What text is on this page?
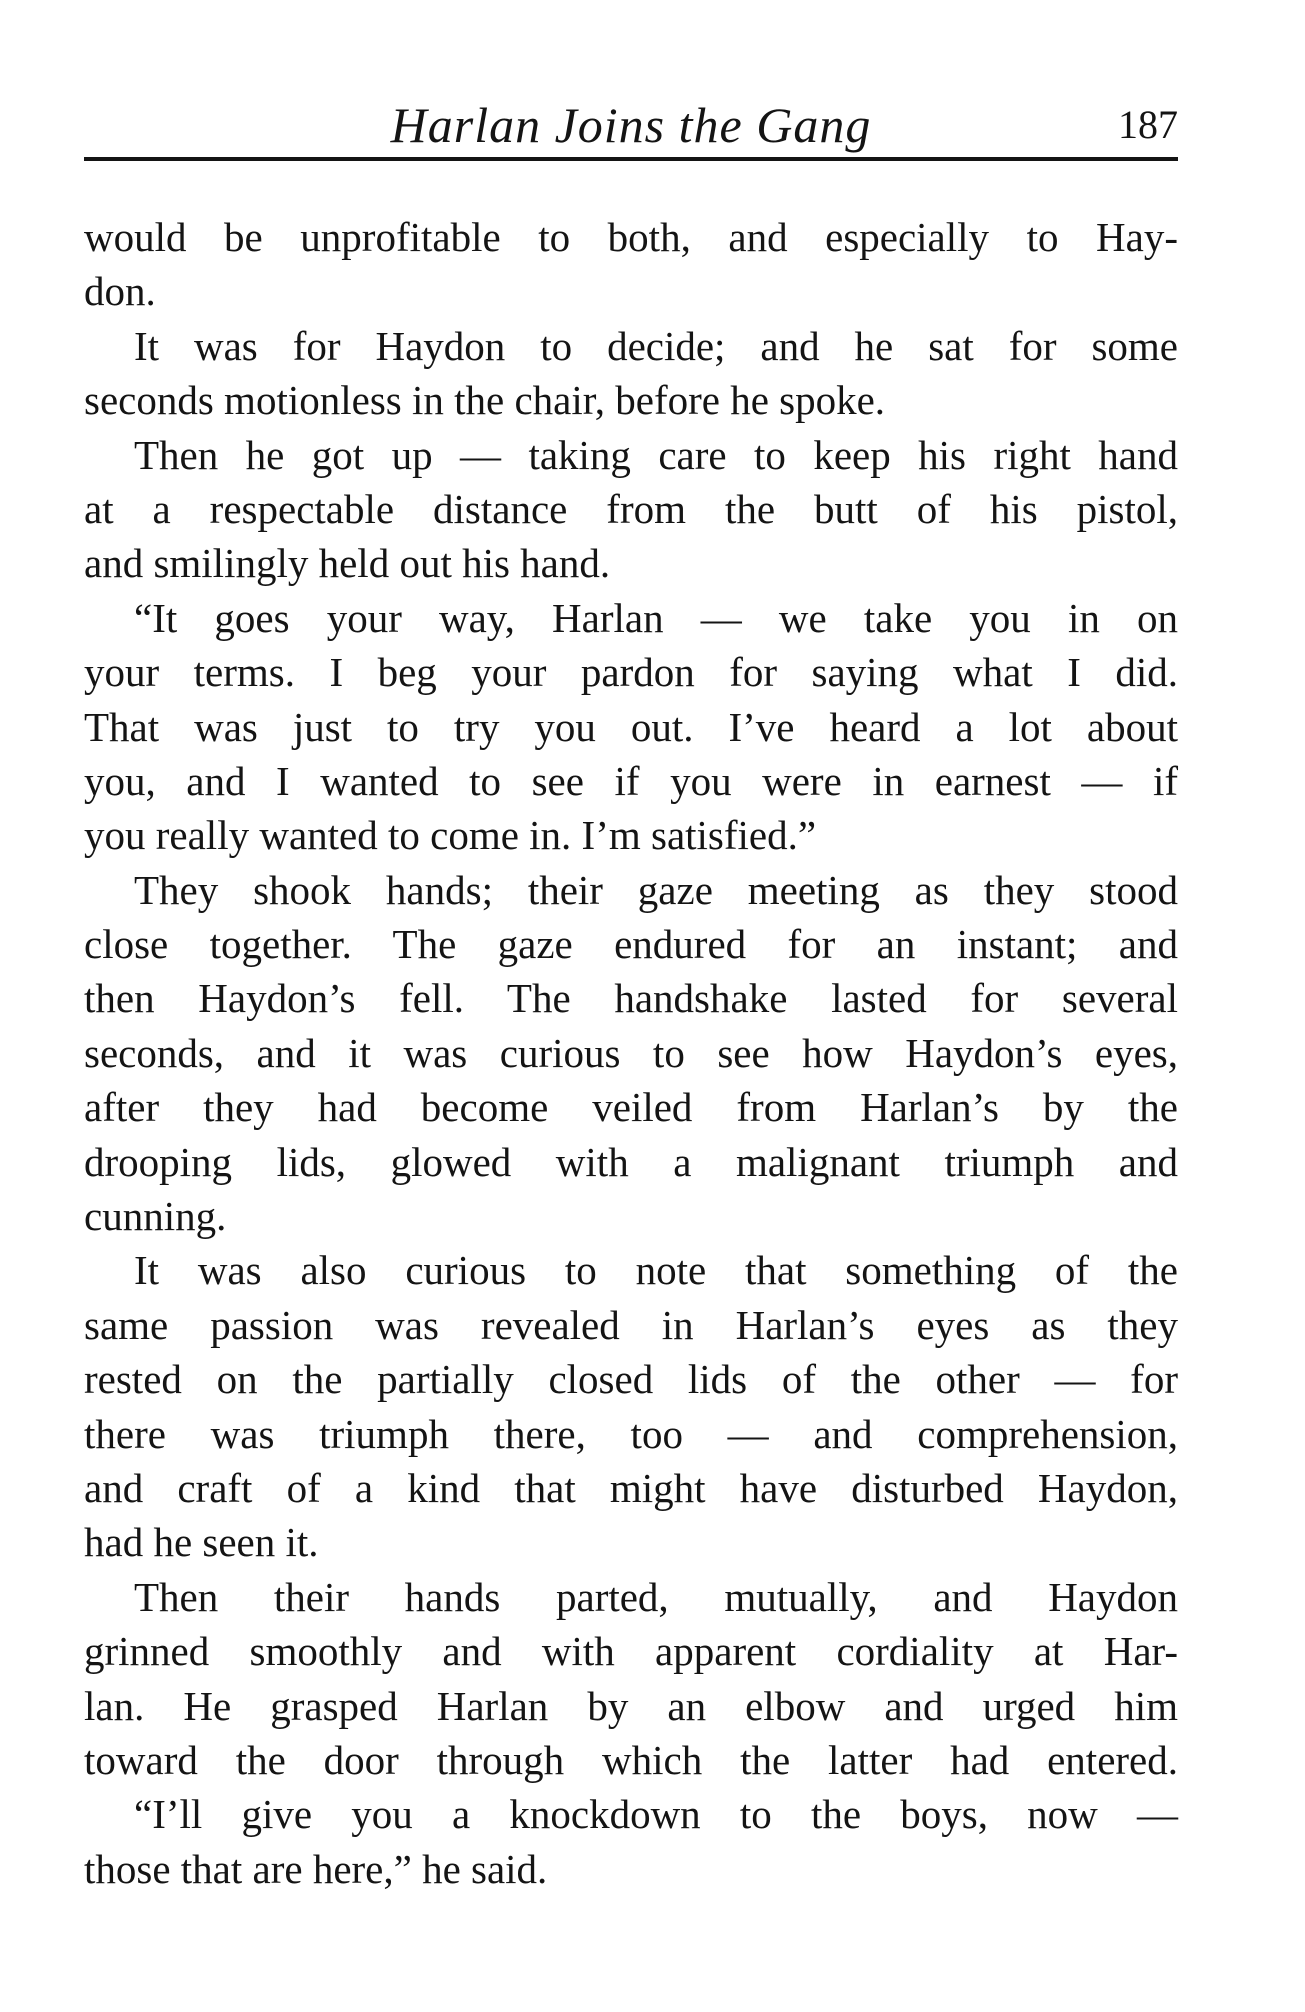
Harlan Joins the Gang	187
would be unprofitable to both, and especially to Hay-
don.
It was for Haydon to decide; and he sat for some
seconds motionless in the chair, before he spoke.
Then he got up — taking care to keep his right hand
at a respectable distance from the butt of his pistol,
and smilingly held out his hand.
“It goes your way, Harlan — we take you in on
your terms. I beg your pardon for saying what I did.
That was just to try you out. I’ve heard a lot about
you, and I wanted to see if you were in earnest — if
you really wanted to come in. I’m satisfied.”
They shook hands; their gaze meeting as they stood
close together. The gaze endured for an instant; and
then Haydon’s fell. The handshake lasted for several
seconds, and it was curious to see how Haydon’s eyes,
after they had become veiled from Harlan’s by the
drooping lids, glowed with a malignant triumph and
cunning.
It was also curious to note that something of the
same passion was revealed in Harlan’s eyes as they
rested on the partially closed lids of the other — for
there was triumph there, too — and comprehension,
and craft of a kind that might have disturbed Haydon,
had he seen it.
Then their hands parted, mutually, and Haydon
grinned smoothly and with apparent cordiality at Har-
lan. He grasped Harlan by an elbow and urged him
toward the door through which the latter had entered.
“I’ll give you a knockdown to the boys, now —
those that are here,” he said.
